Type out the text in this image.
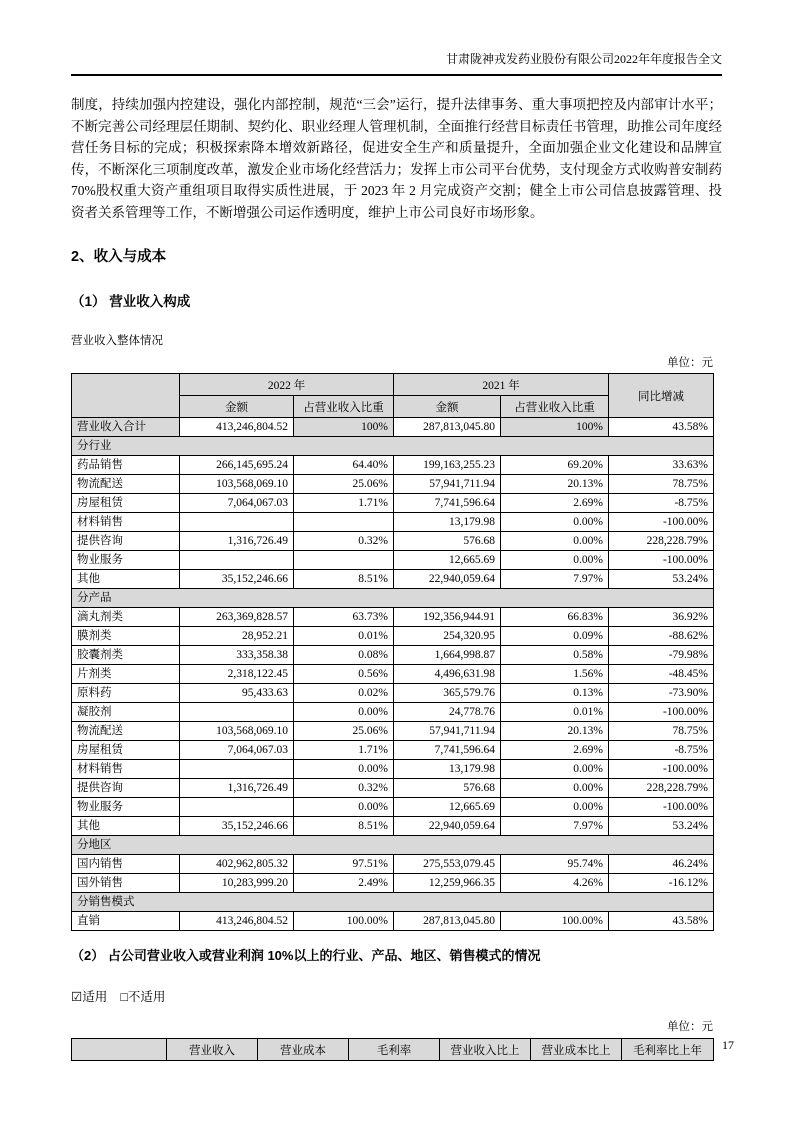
甘肃陇神戎发药业股份有限公司2022年年度报告全文

制度，持续加强内控建设，强化内部控制，规范“三会”运行，提升法律事务、重大事项把控及内部审计水平；不断完善公司经理层任期制、契约化、职业经理人管理机制，全面推行经营目标责任书管理，助推公司年度经营任务目标的完成；积极探索降本增效新路径，促进安全生产和质量提升，全面加强企业文化建设和品牌宣传，不断深化三项制度改革，激发企业市场化经营活力；发挥上市公司平台优势，支付现金方式收购普安制药 70%股权重大资产重组项目取得实质性进展，于 2023 年 2 月完成资产交割；健全上市公司信息披露管理、投资者关系管理等工作，不断增强公司运作透明度，维护上市公司良好市场形象。

2、收入与成本
（1） 营业收入构成
营业收入整体情况
单位：元
	2022 年		2021 年		同比增减
	金额	占营业收入比重	金额	占营业收入比重	
营业收入合计	413,246,804.52	100%	287,813,045.80	100%	43.58%
分行业					
药品销售	266,145,695.24	64.40%	199,163,255.23	69.20%	33.63%
物流配送	103,568,069.10	25.06%	57,941,711.94	20.13%	78.75%
房屋租赁	7,064,067.03	1.71%	7,741,596.64	2.69%	-8.75%
材料销售			13,179.98	0.00%	-100.00%
提供咨询	1,316,726.49	0.32%	576.68	0.00%	228,228.79%
物业服务			12,665.69	0.00%	-100.00%
其他	35,152,246.66	8.51%	22,940,059.64	7.97%	53.24%
分产品					
滴丸剂类	263,369,828.57	63.73%	192,356,944.91	66.83%	36.92%
膜剂类	28,952.21	0.01%	254,320.95	0.09%	-88.62%
胶囊剂类	333,358.38	0.08%	1,664,998.87	0.58%	-79.98%
片剂类	2,318,122.45	0.56%	4,496,631.98	1.56%	-48.45%
原料药	95,433.63	0.02%	365,579.76	0.13%	-73.90%
凝胶剂		0.00%	24,778.76	0.01%	-100.00%
物流配送	103,568,069.10	25.06%	57,941,711.94	20.13%	78.75%
房屋租赁	7,064,067.03	1.71%	7,741,596.64	2.69%	-8.75%
材料销售		0.00%	13,179.98	0.00%	-100.00%
提供咨询	1,316,726.49	0.32%	576.68	0.00%	228,228.79%
物业服务		0.00%	12,665.69	0.00%	-100.00%
其他	35,152,246.66	8.51%	22,940,059.64	7.97%	53.24%
分地区					
国内销售	402,962,805.32	97.51%	275,553,079.45	95.74%	46.24%
国外销售	10,283,999.20	2.49%	12,259,966.35	4.26%	-16.12%
分销售模式					
直销	413,246,804.52	100.00%	287,813,045.80	100.00%	43.58%
（2） 占公司营业收入或营业利润 10%以上的行业、产品、地区、销售模式的情况
☑适用 □不适用
单位：元
	营业收入	营业成本	毛利率	营业收入比上	营业成本比上	毛利率比上年 17
